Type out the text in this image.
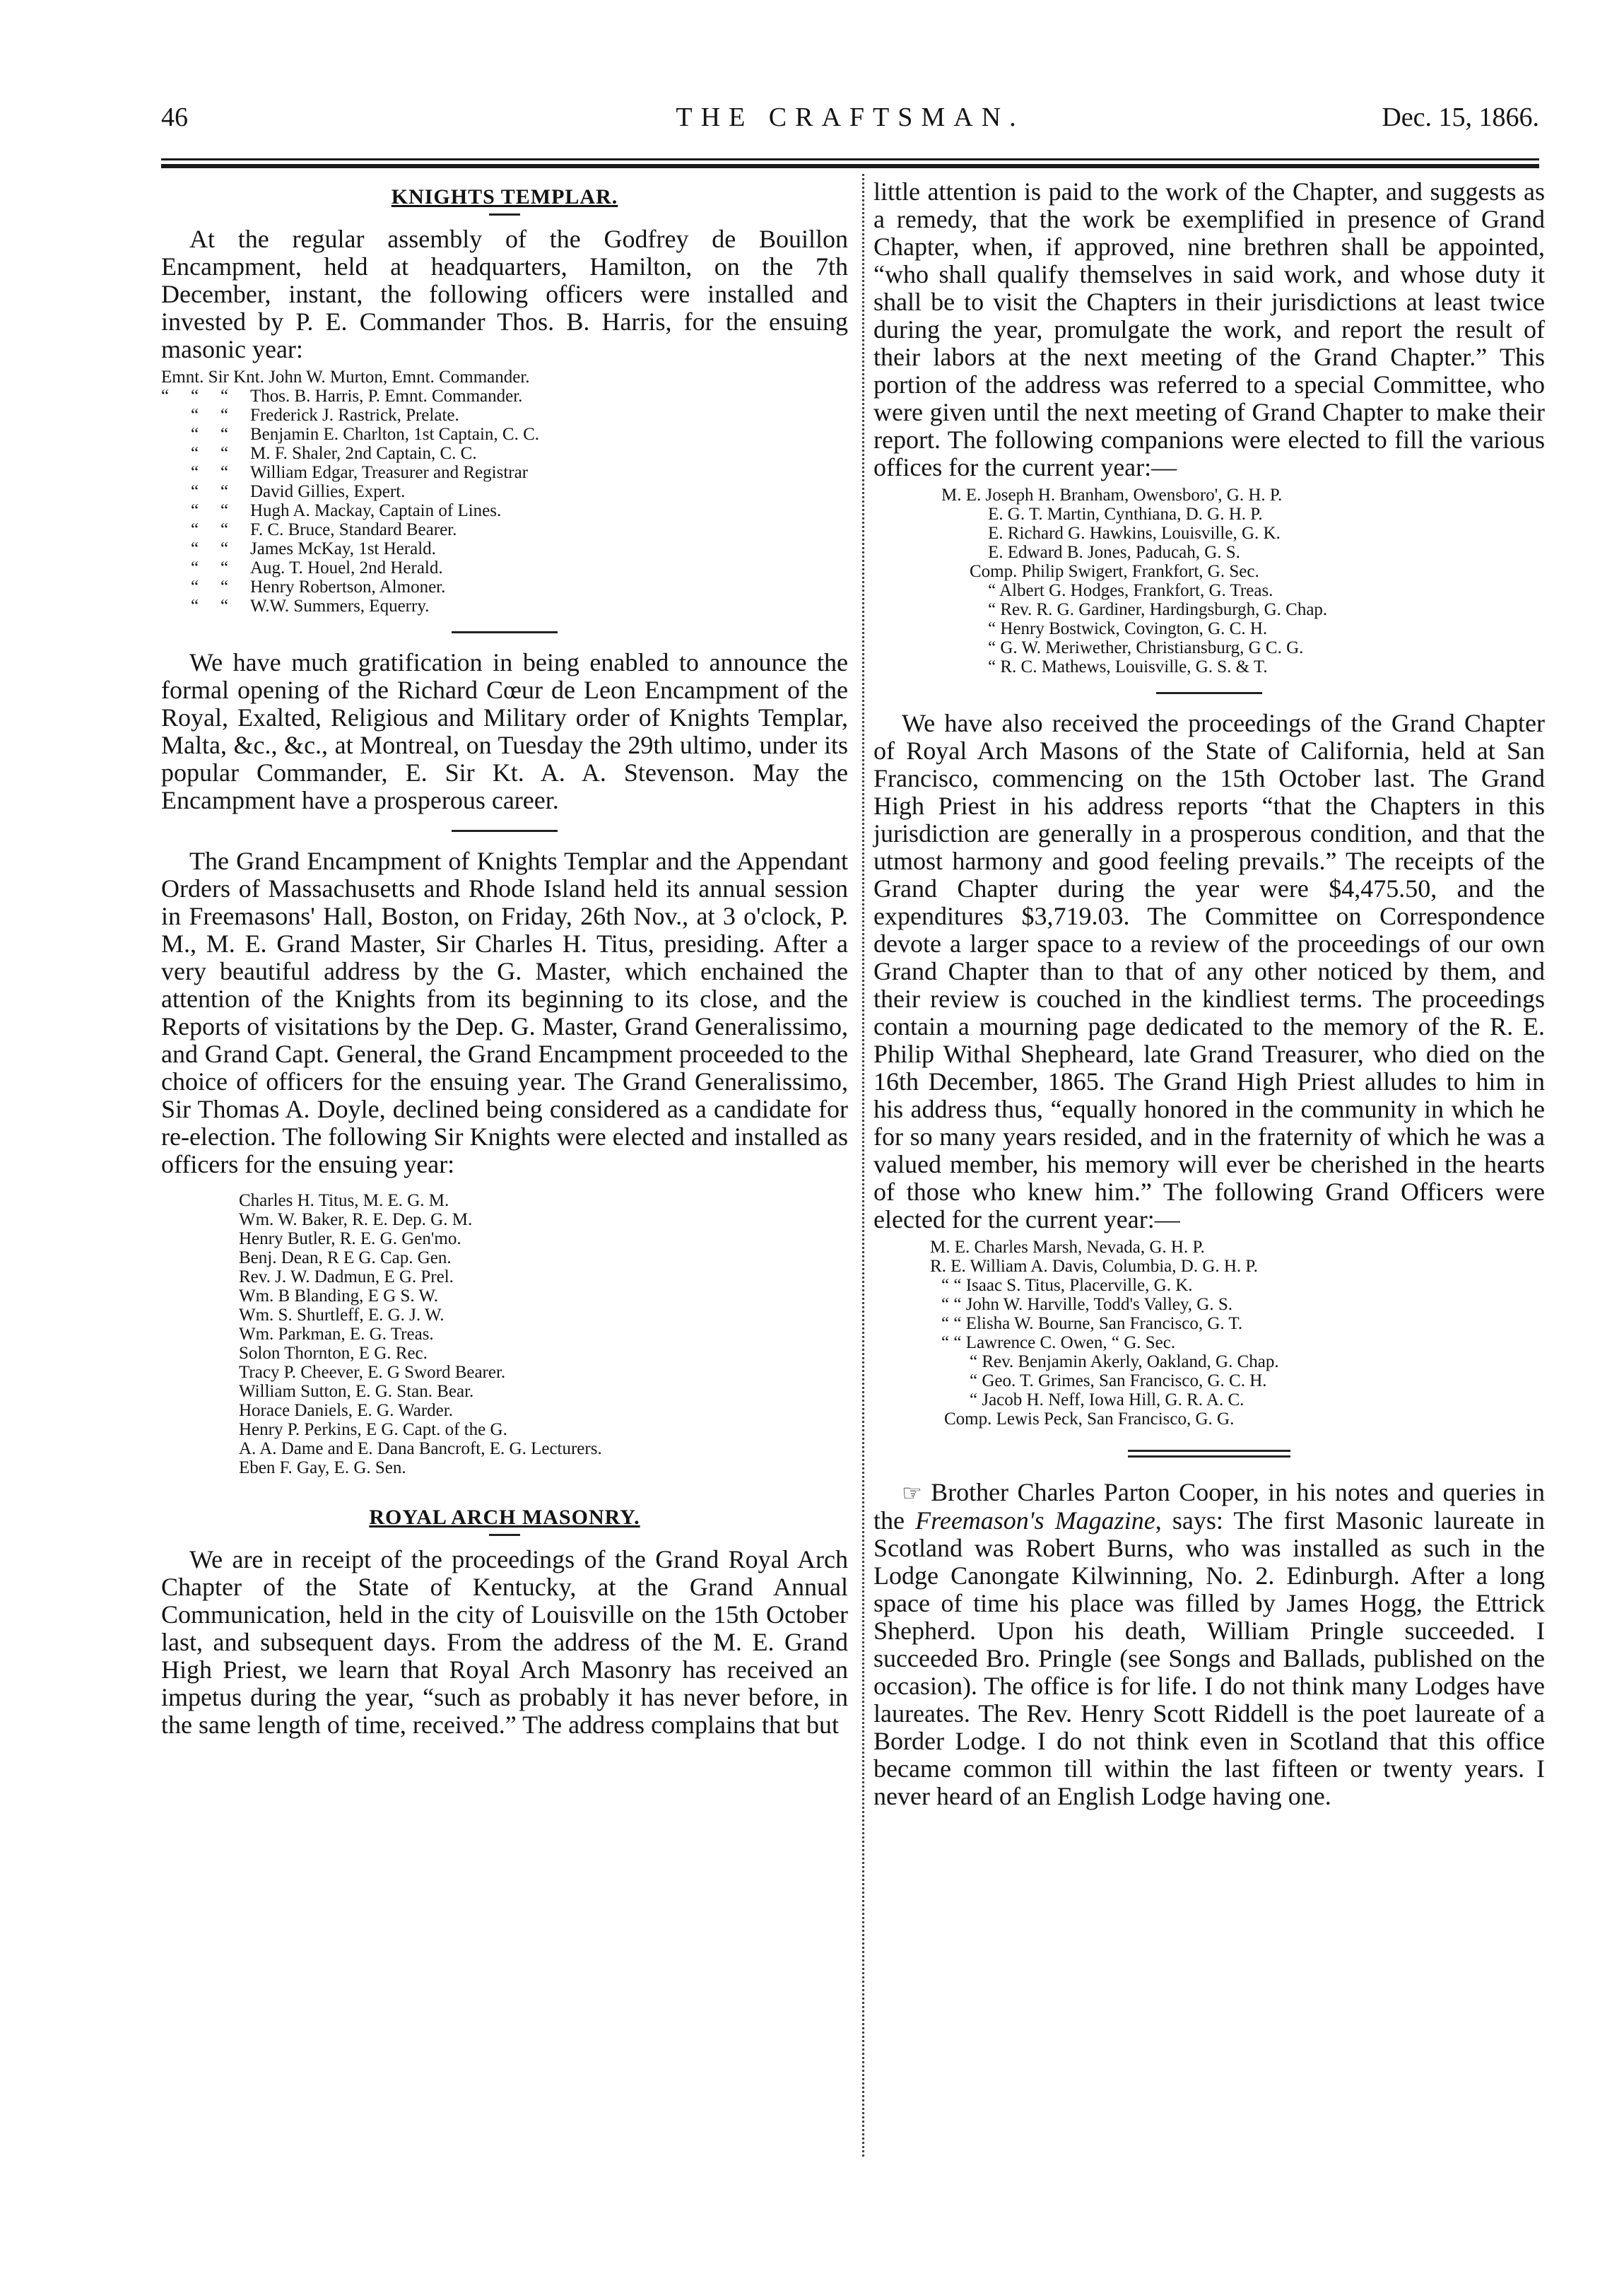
46	THE CRAFTSMAN.	Dec. 15, 1866.
KNIGHTS TEMPLAR.

At the regular assembly of the Godfrey de Bouillon Encampment, held at headquarters, Hamilton, on the 7th December, instant, the following officers were installed and invested by P. E. Commander Thos. B. Harris, for the ensuing masonic year:

Emnt. Sir Knt. John W. Murton, Emnt. Commander.
“ “ “ Thos. B. Harris, P. Emnt. Commander.
“ “ Frederick J. Rastrick, Prelate.
“ “ Benjamin E. Charlton, 1st Captain, C. C.
“ “ M. F. Shaler, 2nd Captain, C. C.
“ “ William Edgar, Treasurer and Registrar
“ “ David Gillies, Expert.
“ “ Hugh A. Mackay, Captain of Lines.
“ “ F. C. Bruce, Standard Bearer.
“ “ James McKay, 1st Herald.
“ “ Aug. T. Houel, 2nd Herald.
“ “ Henry Robertson, Almoner.
“ “ W.W. Summers, Equerry.

We have much gratification in being enabled to announce the formal opening of the Richard Cœur de Leon Encampment of the Royal, Exalted, Religious and Military order of Knights Templar, Malta, &c., &c., at Montreal, on Tuesday the 29th ultimo, under its popular Commander, E. Sir Kt. A. A. Stevenson. May the Encampment have a prosperous career.

The Grand Encampment of Knights Templar and the Appendant Orders of Massachusetts and Rhode Island held its annual session in Freemasons' Hall, Boston, on Friday, 26th Nov., at 3 o'clock, P. M., M. E. Grand Master, Sir Charles H. Titus, presiding. After a very beautiful address by the G. Master, which enchained the attention of the Knights from its beginning to its close, and the Reports of visitations by the Dep. G. Master, Grand Generalissimo, and Grand Capt. General, the Grand Encampment proceeded to the choice of officers for the ensuing year. The Grand Generalissimo, Sir Thomas A. Doyle, declined being considered as a candidate for re-election. The following Sir Knights were elected and installed as officers for the ensuing year:

Charles H. Titus, M. E. G. M.
Wm. W. Baker, R. E. Dep. G. M.
Henry Butler, R. E. G. Gen'mo.
Benj. Dean, R E G. Cap. Gen.
Rev. J. W. Dadmun, E G. Prel.
Wm. B Blanding, E G S. W.
Wm. S. Shurtleff, E. G. J. W.
Wm. Parkman, E. G. Treas.
Solon Thornton, E G. Rec.
Tracy P. Cheever, E. G Sword Bearer.
William Sutton, E. G. Stan. Bear.
Horace Daniels, E. G. Warder.
Henry P. Perkins, E G. Capt. of the G.
A. A. Dame and E. Dana Bancroft, E. G. Lecturers.
Eben F. Gay, E. G. Sen.
ROYAL ARCH MASONRY.

We are in receipt of the proceedings of the Grand Royal Arch Chapter of the State of Kentucky, at the Grand Annual Communication, held in the city of Louisville on the 15th October last, and subsequent days. From the address of the M. E. Grand High Priest, we learn that Royal Arch Masonry has received an impetus during the year, “such as probably it has never before, in the same length of time, received.” The address complains that but

little attention is paid to the work of the Chapter, and suggests as a remedy, that the work be exemplified in presence of Grand Chapter, when, if approved, nine brethren shall be appointed, “who shall qualify themselves in said work, and whose duty it shall be to visit the Chapters in their jurisdictions at least twice during the year, promulgate the work, and report the result of their labors at the next meeting of the Grand Chapter.” This portion of the address was referred to a special Committee, who were given until the next meeting of Grand Chapter to make their report. The following companions were elected to fill the various offices for the current year:—

M. E. Joseph H. Branham, Owensboro', G. H. P.
E. G. T. Martin, Cynthiana, D. G. H. P.
E. Richard G. Hawkins, Louisville, G. K.
E. Edward B. Jones, Paducah, G. S.
Comp. Philip Swigert, Frankfort, G. Sec.
“ Albert G. Hodges, Frankfort, G. Treas.
“ Rev. R. G. Gardiner, Hardingsburgh, G. Chap.
“ Henry Bostwick, Covington, G. C. H.
“ G. W. Meriwether, Christiansburg, G C. G.
“ R. C. Mathews, Louisville, G. S. & T.

We have also received the proceedings of the Grand Chapter of Royal Arch Masons of the State of California, held at San Francisco, commencing on the 15th October last. The Grand High Priest in his address reports “that the Chapters in this jurisdiction are generally in a prosperous condition, and that the utmost harmony and good feeling prevails.” The receipts of the Grand Chapter during the year were $4,475.50, and the expenditures $3,719.03. The Committee on Correspondence devote a larger space to a review of the proceedings of our own Grand Chapter than to that of any other noticed by them, and their review is couched in the kindliest terms. The proceedings contain a mourning page dedicated to the memory of the R. E. Philip Withal Shepheard, late Grand Treasurer, who died on the 16th December, 1865. The Grand High Priest alludes to him in his address thus, “equally honored in the community in which he for so many years resided, and in the fraternity of which he was a valued member, his memory will ever be cherished in the hearts of those who knew him.” The following Grand Officers were elected for the current year:—

M. E. Charles Marsh, Nevada, G. H. P.
R. E. William A. Davis, Columbia, D. G. H. P.
“ “ Isaac S. Titus, Placerville, G. K.
“ “ John W. Harville, Todd's Valley, G. S.
“ “ Elisha W. Bourne, San Francisco, G. T.
“ “ Lawrence C. Owen, “ G. Sec.
“ Rev. Benjamin Akerly, Oakland, G. Chap.
“ Geo. T. Grimes, San Francisco, G. C. H.
“ Jacob H. Neff, Iowa Hill, G. R. A. C.
Comp. Lewis Peck, San Francisco, G. G.

☞ Brother Charles Parton Cooper, in his notes and queries in the Freemason's Magazine, says: The first Masonic laureate in Scotland was Robert Burns, who was installed as such in the Lodge Canongate Kilwinning, No. 2. Edinburgh. After a long space of time his place was filled by James Hogg, the Ettrick Shepherd. Upon his death, William Pringle succeeded. I succeeded Bro. Pringle (see Songs and Ballads, published on the occasion). The office is for life. I do not think many Lodges have laureates. The Rev. Henry Scott Riddell is the poet laureate of a Border Lodge. I do not think even in Scotland that this office became common till within the last fifteen or twenty years. I never heard of an English Lodge having one.
